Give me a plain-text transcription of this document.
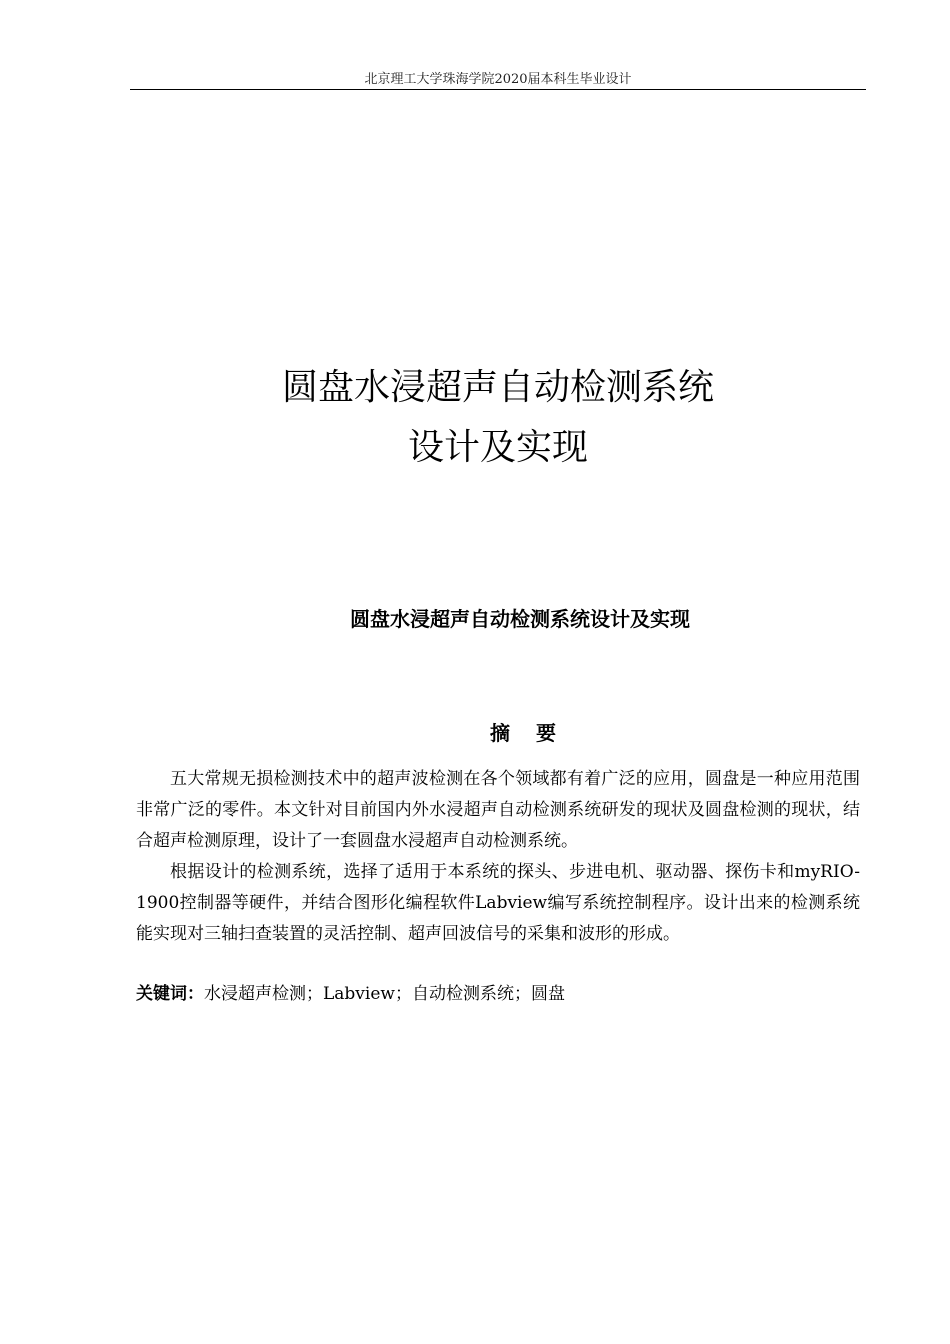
北京理工大学珠海学院2020届本科生毕业设计
圆盘水浸超声自动检测系统
设计及实现
圆盘水浸超声自动检测系统设计及实现
摘 要

五大常规无损检测技术中的超声波检测在各个领域都有着广泛的应用，圆盘是一种应用范围非常广泛的零件。本文针对目前国内外水浸超声自动检测系统研发的现状及圆盘检测的现状，结合超声检测原理，设计了一套圆盘水浸超声自动检测系统。

根据设计的检测系统，选择了适用于本系统的探头、步进电机、驱动器、探伤卡和myRIO-1900控制器等硬件，并结合图形化编程软件Labview编写系统控制程序。设计出来的检测系统能实现对三轴扫查装置的灵活控制、超声回波信号的采集和波形的形成。

关键词：水浸超声检测；Labview；自动检测系统；圆盘
